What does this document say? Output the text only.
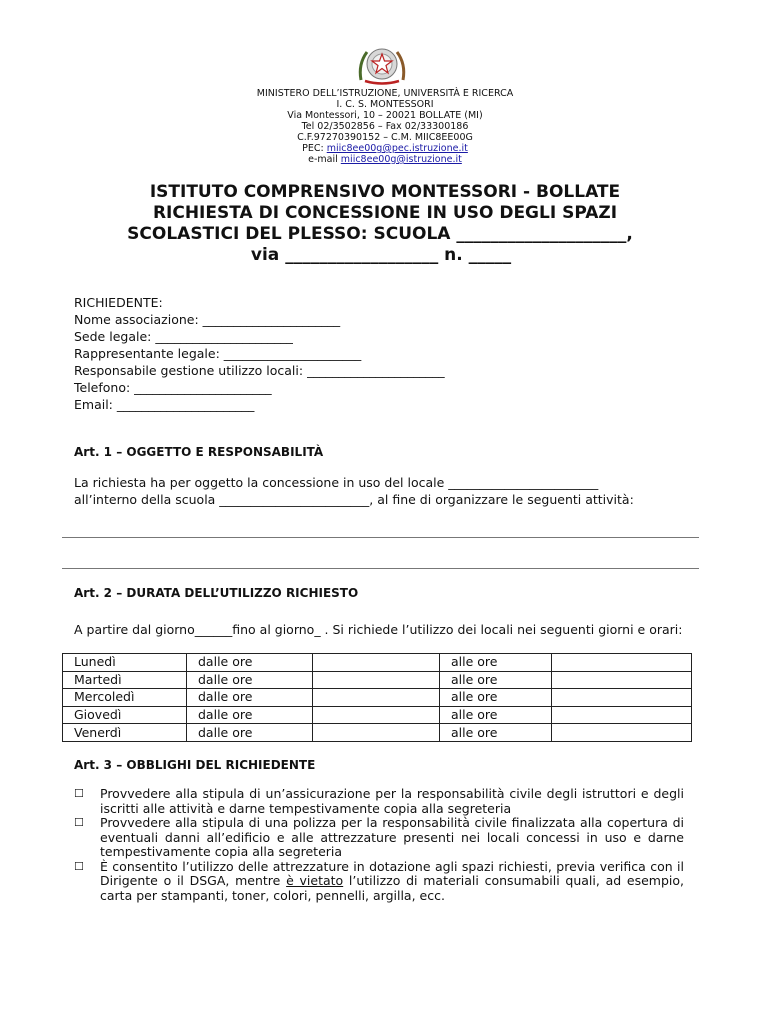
MINISTERO DELL’ISTRUZIONE, UNIVERSITÀ E RICERCA
I. C. S. MONTESSORI
Via Montessori, 10 – 20021 BOLLATE (MI)
Tel 02/3502856 – Fax 02/33300186
C.F.97270390152 – C.M. MIIC8EE00G
PEC: miic8ee00g@pec.istruzione.it
e-mail miic8ee00g@istruzione.it
ISTITUTO COMPRENSIVO MONTESSORI - BOLLATE
RICHIESTA DI CONCESSIONE IN USO DEGLI SPAZI
SCOLASTICI DEL PLESSO: SCUOLA ____________________,
via __________________ n. _____
RICHIEDENTE:
Nome associazione: ______________________
Sede legale: ______________________
Rappresentante legale: ______________________
Responsabile gestione utilizzo locali: ______________________
Telefono: ______________________
Email: ______________________
Art. 1 – OGGETTO E RESPONSABILITÀ
La richiesta ha per oggetto la concessione in uso del locale ________________________
all’interno della scuola ________________________, al fine di organizzare le seguenti attività:
Art. 2 – DURATA DELL’UTILIZZO RICHIESTO
A partire dal giorno______fino al giorno_ . Si richiede l’utilizzo dei locali nei seguenti giorni e orari:
Lunedì	dalle ore		alle ore	
Martedì	dalle ore		alle ore	
Mercoledì	dalle ore		alle ore	
Giovedì	dalle ore		alle ore	
Venerdì	dalle ore		alle ore	
Art. 3 – OBBLIGHI DEL RICHIEDENTE
☐	Provvedere alla stipula di un’assicurazione per la responsabilità civile degli istruttori e degli iscritti alle attività e darne tempestivamente copia alla segreteria
☐	Provvedere alla stipula di una polizza per la responsabilità civile finalizzata alla copertura di eventuali danni all’edificio e alle attrezzature presenti nei locali concessi in uso e darne tempestivamente copia alla segreteria
☐	È consentito l’utilizzo delle attrezzature in dotazione agli spazi richiesti, previa verifica con il Dirigente o il DSGA, mentre è vietato l’utilizzo di materiali consumabili quali, ad esempio, carta per stampanti, toner, colori, pennelli, argilla, ecc.
